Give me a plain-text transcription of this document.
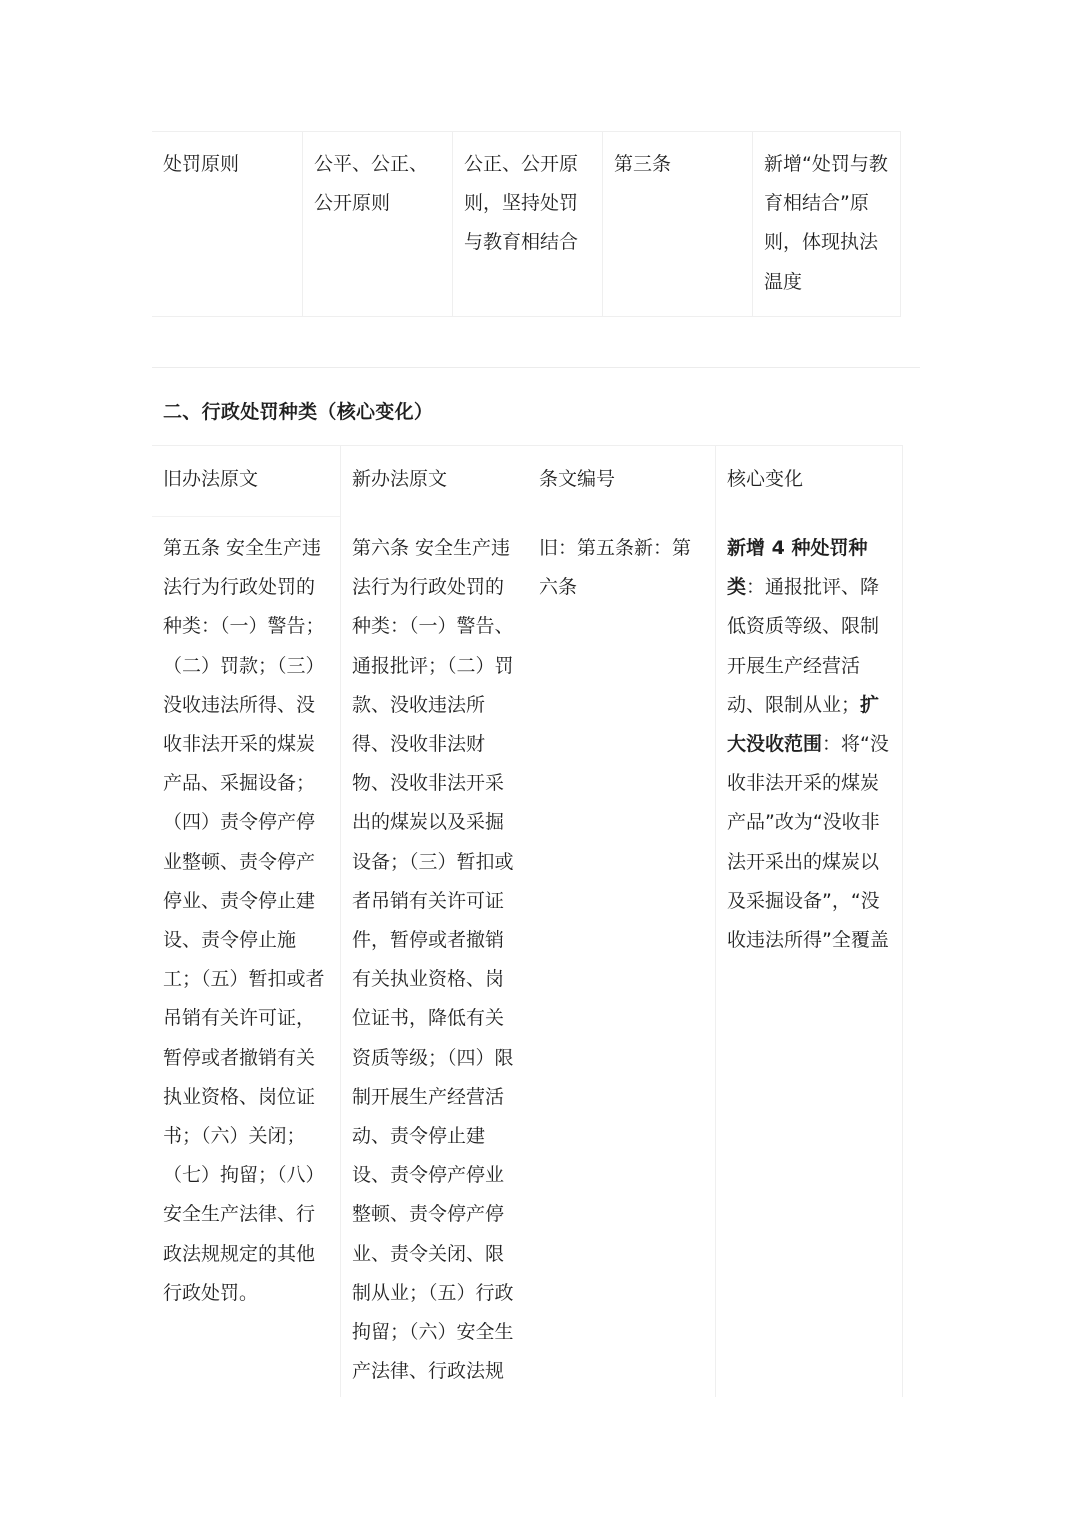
处罚原则	公平、公正、公开原则
公正、公开原则，坚持处罚与教育相结合
第三条	新增“处罚与教育相结合”原则，体现执法温度
二、行政处罚种类（核心变化）
旧办法原文
第五条 安全生产违法行为行政处罚的种类：（一）警告；（二）罚款；（三）没收违法所得、没收非法开采的煤炭产品、采掘设备；（四）责令停产停业整顿、责令停产停业、责令停止建设、责令停止施工；（五）暂扣或者吊销有关许可证，暂停或者撤销有关执业资格、岗位证书；（六）关闭；（七）拘留；（八）安全生产法律、行政法规规定的其他行政处罚。
新办法原文
第六条 安全生产违法行为行政处罚的种类：（一）警告、通报批评；（二）罚款、没收违法所得、没收非法财物、没收非法开采出的煤炭以及采掘设备；（三）暂扣或者吊销有关许可证件，暂停或者撤销有关执业资格、岗位证书，降低有关资质等级；（四）限制开展生产经营活动、责令停止建设、责令停产停业整顿、责令停产停业、责令关闭、限制从业；（五）行政拘留；（六）安全生产法律、行政法规
条文编号
旧：第五条新：第六条
核心变化
新增 4 种处罚种类：通报批评、降低资质等级、限制开展生产经营活动、限制从业；扩大没收范围：将“没收非法开采的煤炭产品”改为“没收非法开采出的煤炭以及采掘设备”，“没收违法所得”全覆盖
